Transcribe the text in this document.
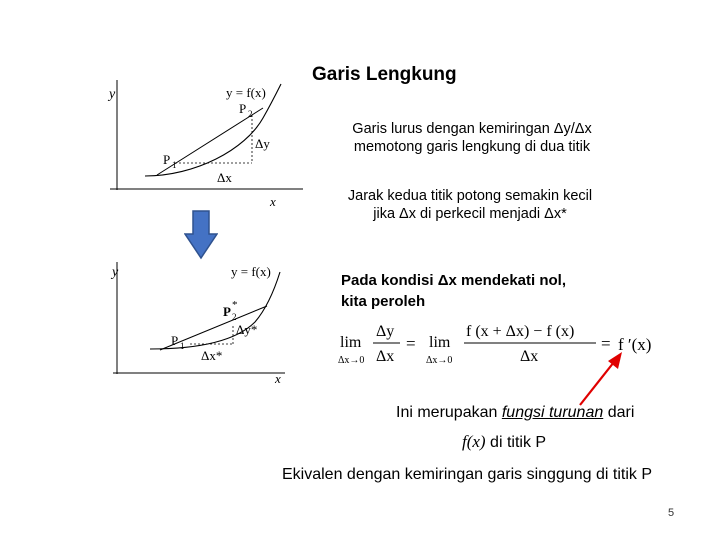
Garis Lengkung
y
x
y = f(x)
P 2
P 1
Δy
Δx
y
x
y = f(x)
P 2
*
P 1
Δy*
Δx*
Garis lurus dengan kemiringan Δy/Δx
memotong garis lengkung di dua titik
Jarak kedua titik potong semakin kecil
jika Δx di perkecil menjadi Δx*
Pada kondisi Δx mendekati nol,
kita peroleh
lim
Δx→0
Δy
Δx
= lim
Δx→0
f (x + Δx) − f (x)
Δx
= f ′(x)
Ini merupakan fungsi turunan dari
f(x) di titik P
Ekivalen dengan kemiringan garis singgung di titik P
5
